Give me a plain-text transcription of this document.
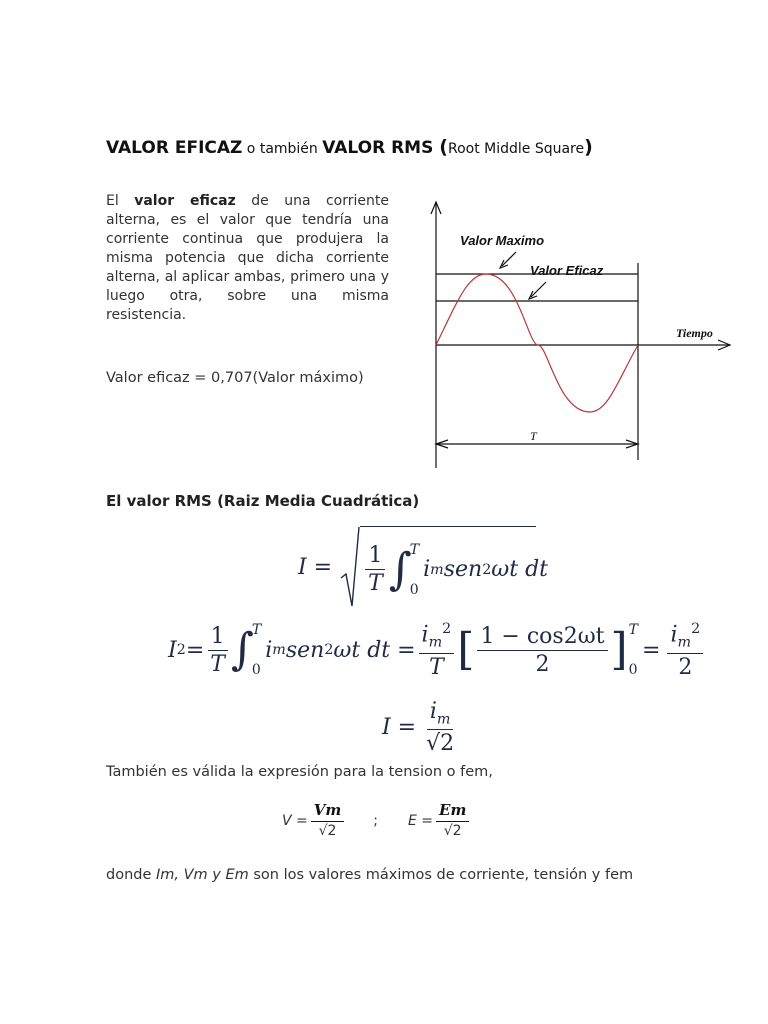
VALOR EFICAZ o también VALOR RMS (Root Middle Square)
El valor eficaz de una corriente alterna, es el valor que tendría una corriente continua que produjera la misma potencia que dicha corriente alterna, al aplicar ambas, primero una y luego otra, sobre una misma resistencia.
Valor eficaz = 0,707(Valor máximo)
Valor Maximo
Valor Eficaz
Tiempo
T
El valor RMS (Raiz Media Cuadrática)
$I = \frac{1}{T}$ ∫
T
0
i m sen 2 ωt dt
I $2 = \frac{1}{T}$ ∫
T
0
i m sen 2 ωt dt = $\frac{i_m^2}{T}$ [ $\frac{1 - \cos 2\omega t}{2}$ ] T
0
= $\frac{i_m^2}{2}$
$I = \frac{i_m}{√2}$
También es válida la expresión para la tension o fem,
$V = \frac{Vm}{√2}$ ; $E = \frac{Em}{√2}$
donde Im, Vm y Em son los valores máximos de corriente, tensión y fem
